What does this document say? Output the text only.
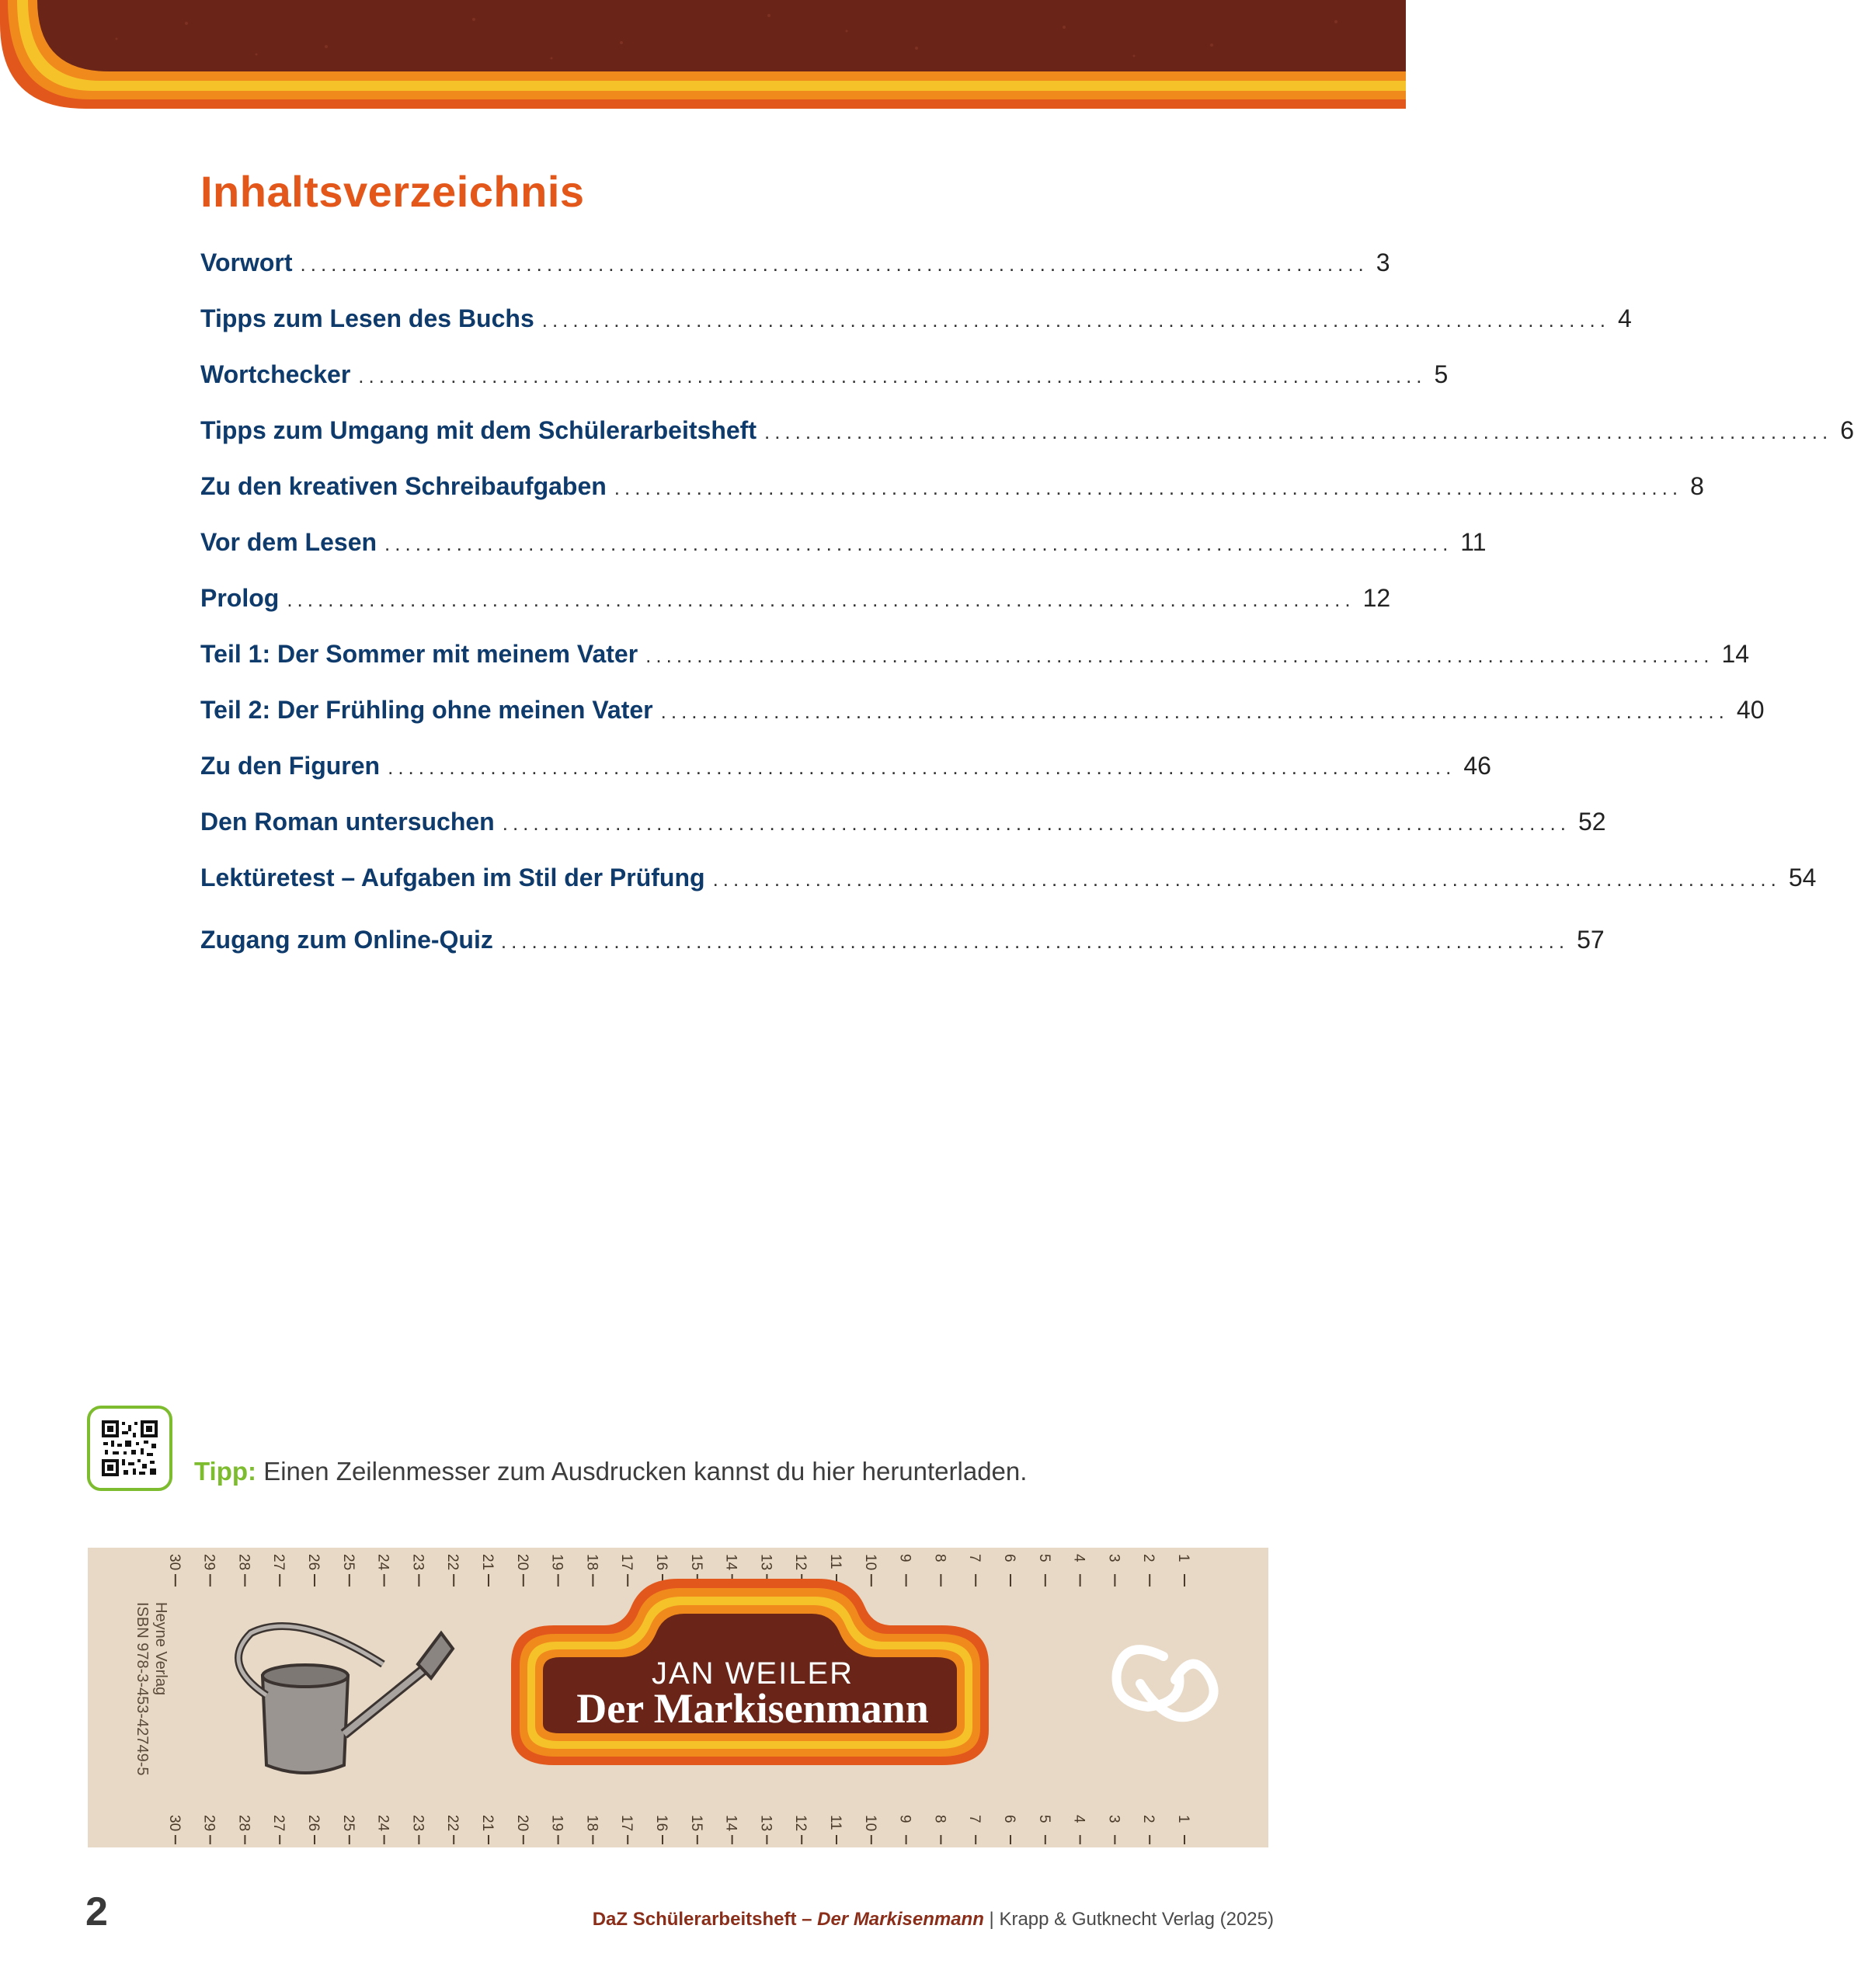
Inhaltsverzeichnis
Vorwort ........................................................................................................ 3
Tipps zum Lesen des Buchs ........................................................................................................ 4
Wortchecker ........................................................................................................ 5
Tipps zum Umgang mit dem Schülerarbeitsheft ........................................................................................................ 6
Zu den kreativen Schreibaufgaben ........................................................................................................ 8
Vor dem Lesen ........................................................................................................ 11
Prolog ........................................................................................................ 12
Teil 1: Der Sommer mit meinem Vater ........................................................................................................ 14
Teil 2: Der Frühling ohne meinen Vater ........................................................................................................ 40
Zu den Figuren ........................................................................................................ 46
Den Roman untersuchen ........................................................................................................ 52
Lektüretest – Aufgaben im Stil der Prüfung ........................................................................................................ 54
Zugang zum Online-Quiz ........................................................................................................ 57
Tipp: Einen Zeilenmesser zum Ausdrucken kannst du hier herunterladen.
1
2
3
4
5
6
7
8
9
10
11
12
13
14
15
16
17
18
19
20
21
22
23
24
25
26
27
28
29
30
1
2
3
4
5
6
7
8
9
10
11
12
13
14
15
16
17
18
19
20
21
22
23
24
25
26
27
28
29
30
JAN WEILER
Der Markisenmann
Heyne Verlag
ISBN 978-3-453-42749-5
2	DaZ Schülerarbeitsheft – Der Markisenmann | Krapp & Gutknecht Verlag (2025)
